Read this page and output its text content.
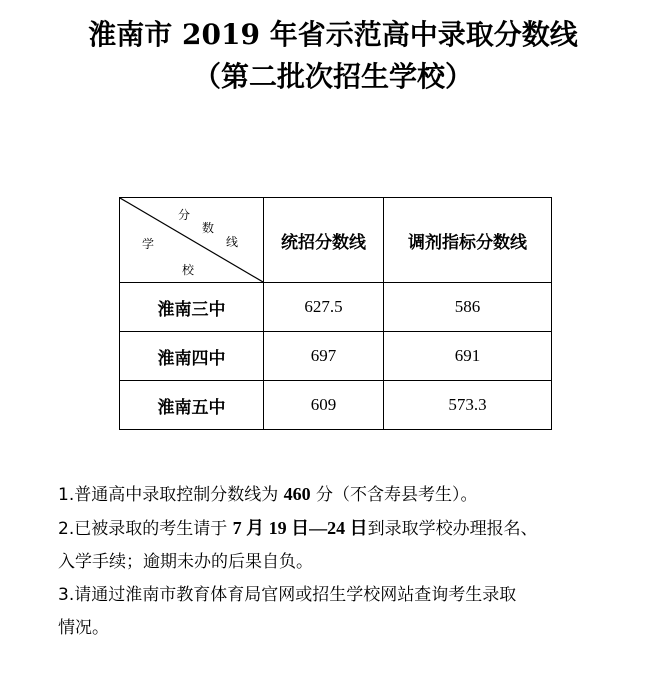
淮南市 2019 年省示范高中录取分数线
（第二批次招生学校）
分
数
线
学
校	统招分数线	调剂指标分数线
淮南三中	627.5	586
淮南四中	697	691
淮南五中	609	573.3

1.普通高中录取控制分数线为 460 分（不含寿县考生）。

2.已被录取的考生请于 7 月 19 日—24 日到录取学校办理报名、

入学手续；逾期未办的后果自负。

3.请通过淮南市教育体育局官网或招生学校网站查询考生录取

情况。
